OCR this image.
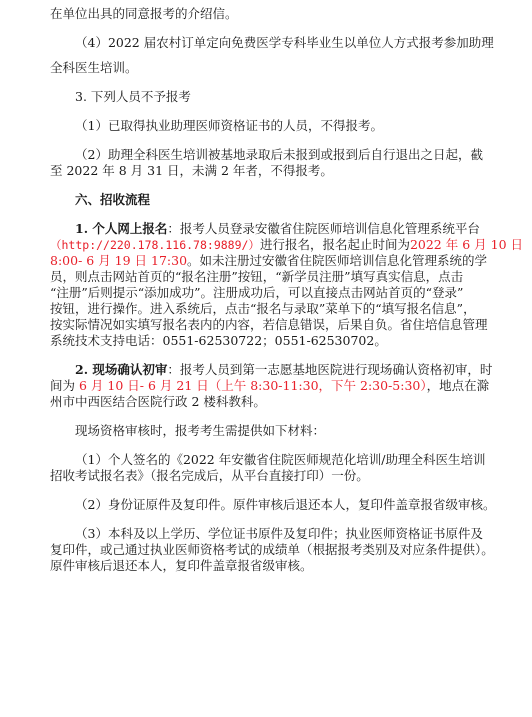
在单位出具的同意报考的介绍信。
（4）2022 届农村订单定向免费医学专科毕业生以单位人方式报考参加助理
全科医生培训。
3. 下列人员不予报考
（1）已取得执业助理医师资格证书的人员，不得报考。
（2）助理全科医生培训被基地录取后未报到或报到后自行退出之日起，截
至 2022 年 8 月 31 日，未满 2 年者，不得报考。
六、招收流程
1. 个人网上报名：报考人员登录安徽省住院医师培训信息化管理系统平台
（http://220.178.116.78:9889/）进行报名，报名起止时间为2022 年 6 月 10 日
8:00- 6 月 19 日 17:30。如未注册过安徽省住院医师培训信息化管理系统的学
员，则点击网站首页的“报名注册”按钮，“新学员注册”填写真实信息，点击
“注册”后则提示“添加成功”。注册成功后，可以直接点击网站首页的“登录”
按钮，进行操作。进入系统后，点击“报名与录取”菜单下的“填写报名信息”，
按实际情况如实填写报名表内的内容，若信息错误，后果自负。省住培信息管理
系统技术支持电话：0551-62530722；0551-62530702。
2. 现场确认初审：报考人员到第一志愿基地医院进行现场确认资格初审，时
间为 6 月 10 日- 6 月 21 日（上午 8:30-11:30，下午 2:30-5:30），地点在滁
州市中西医结合医院行政 2 楼科教科。
现场资格审核时，报考考生需提供如下材料：
（1）个人签名的《2022 年安徽省住院医师规范化培训/助理全科医生培训
招收考试报名表》（报名完成后，从平台直接打印）一份。
（2）身份证原件及复印件。原件审核后退还本人，复印件盖章报省级审核。
（3）本科及以上学历、学位证书原件及复印件；执业医师资格证书原件及
复印件，或己通过执业医师资格考试的成绩单（根据报考类别及对应条件提供）。
原件审核后退还本人，复印件盖章报省级审核。
